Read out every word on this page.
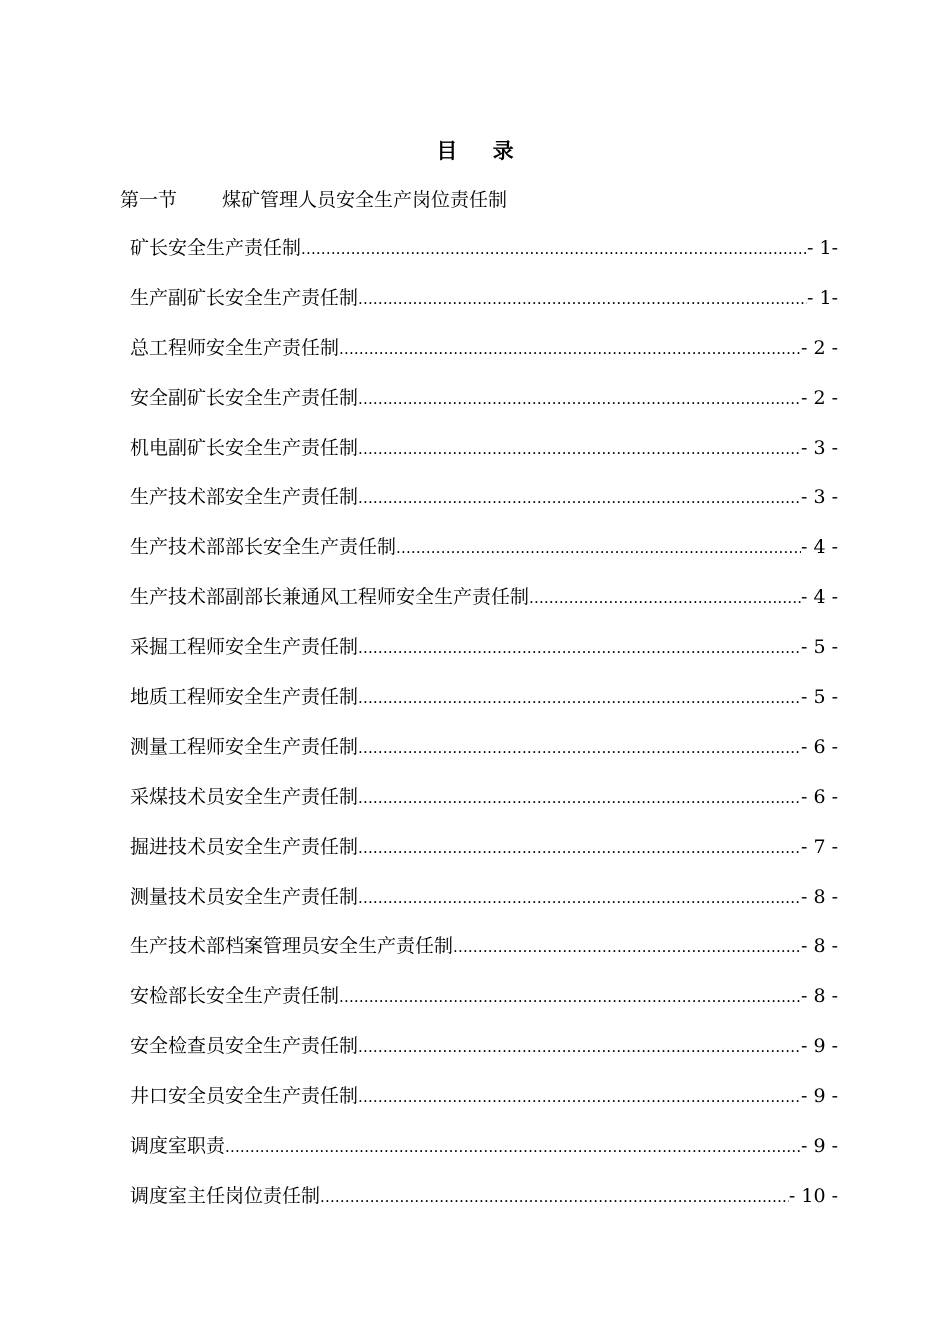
目 录
第一节 煤矿管理人员安全生产岗位责任制
矿长安全生产责任制 .....	- 1-
生产副矿长安全生产责任制 .....	- 1-
总工程师安全生产责任制 .....	- 2 -
安全副矿长安全生产责任制 .....	- 2 -
机电副矿长安全生产责任制 .....	- 3 -
生产技术部安全生产责任制 .....	- 3 -
生产技术部部长安全生产责任制 .....	- 4 -
生产技术部副部长兼通风工程师安全生产责任制 .....	- 4 -
采掘工程师安全生产责任制 .....	- 5 -
地质工程师安全生产责任制 .....	- 5 -
测量工程师安全生产责任制 .....	- 6 -
采煤技术员安全生产责任制 .....	- 6 -
掘进技术员安全生产责任制 .....	- 7 -
测量技术员安全生产责任制 .....	- 8 -
生产技术部档案管理员安全生产责任制 .....	- 8 -
安检部长安全生产责任制 .....	- 8 -
安全检查员安全生产责任制 .....	- 9 -
井口安全员安全生产责任制 .....	- 9 -
调度室职责 .....	- 9 -
调度室主任岗位责任制 .....	- 10 -
